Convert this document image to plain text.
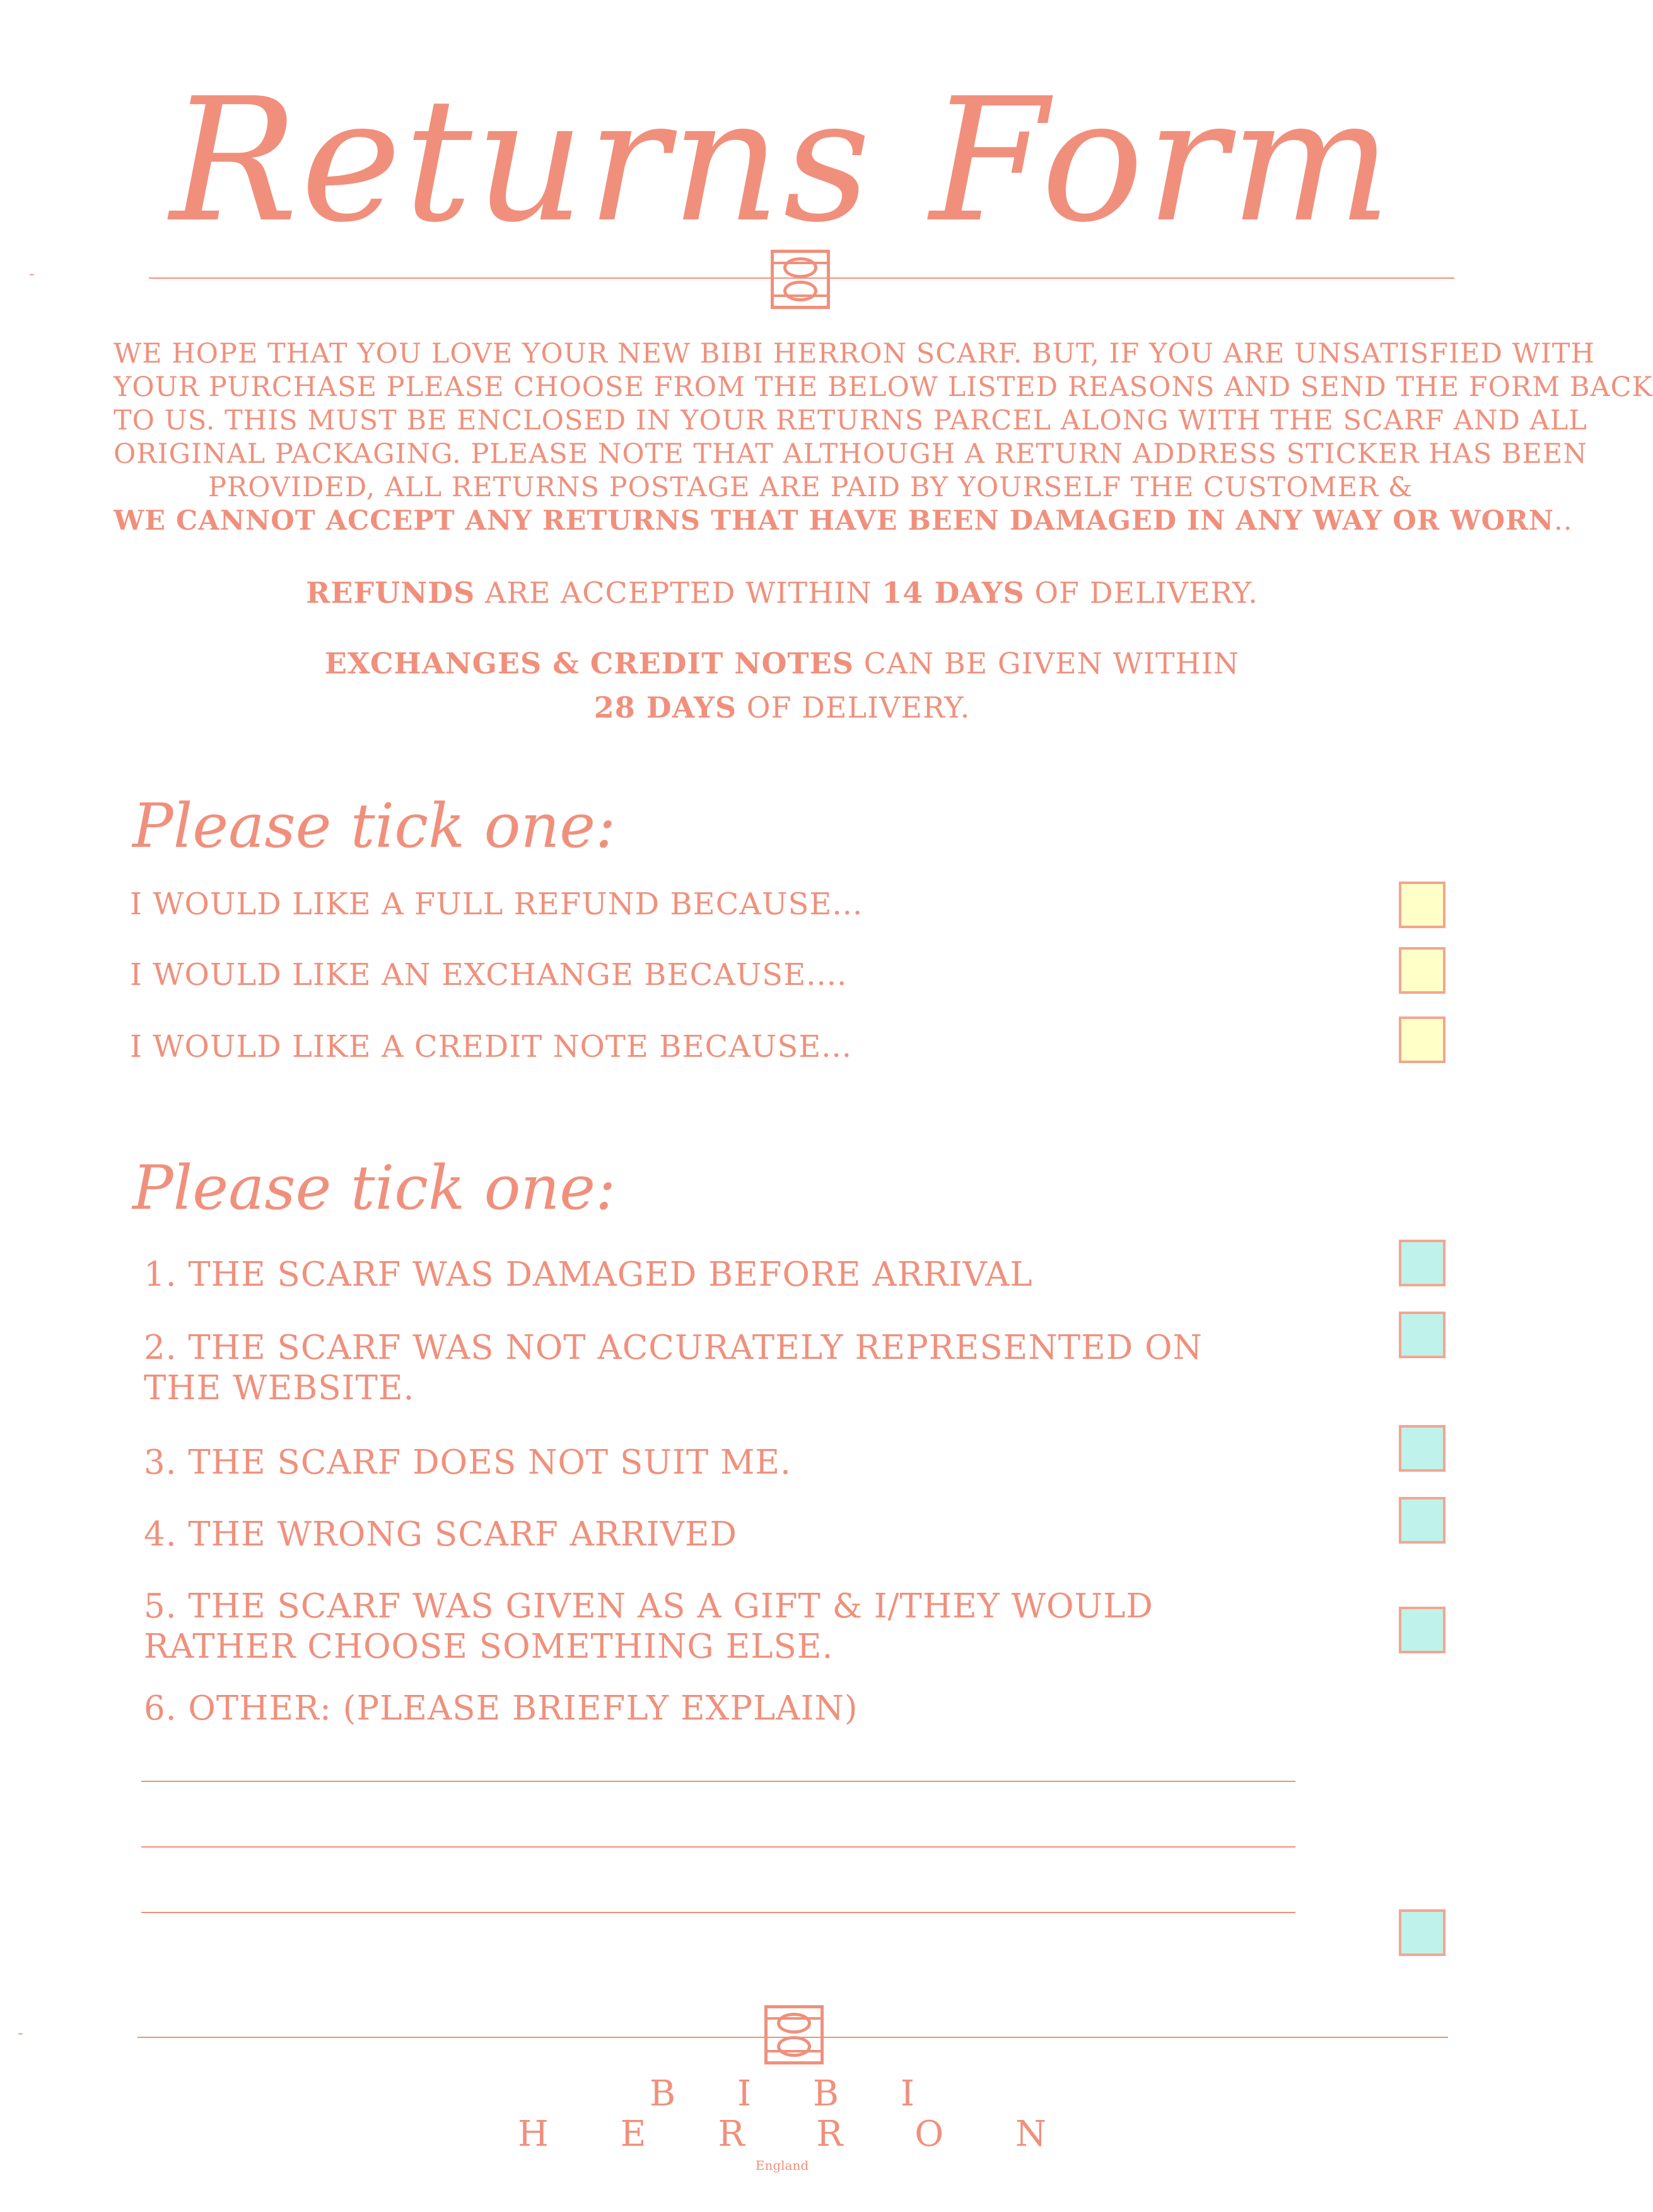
Returns Form
-
WE HOPE THAT YOU LOVE YOUR NEW BIBI HERRON SCARF. BUT, IF YOU ARE UNSATISFIED WITH
YOUR PURCHASE PLEASE CHOOSE FROM THE BELOW LISTED REASONS AND SEND THE FORM BACK
TO US. THIS MUST BE ENCLOSED IN YOUR RETURNS PARCEL ALONG WITH THE SCARF AND ALL
ORIGINAL PACKAGING. PLEASE NOTE THAT ALTHOUGH A RETURN ADDRESS STICKER HAS BEEN
PROVIDED, ALL RETURNS POSTAGE ARE PAID BY YOURSELF THE CUSTOMER &
WE CANNOT ACCEPT ANY RETURNS THAT HAVE BEEN DAMAGED IN ANY WAY OR WORN..
REFUNDS ARE ACCEPTED WITHIN 14 DAYS OF DELIVERY.
EXCHANGES & CREDIT NOTES CAN BE GIVEN WITHIN
28 DAYS OF DELIVERY.
Please tick one:
I WOULD LIKE A FULL REFUND BECAUSE...
I WOULD LIKE AN EXCHANGE BECAUSE....
I WOULD LIKE A CREDIT NOTE BECAUSE...
Please tick one:
1. THE SCARF WAS DAMAGED BEFORE ARRIVAL
2. THE SCARF WAS NOT ACCURATELY REPRESENTED ON
THE WEBSITE.
3. THE SCARF DOES NOT SUIT ME.
4. THE WRONG SCARF ARRIVED
5. THE SCARF WAS GIVEN AS A GIFT & I/THEY WOULD
RATHER CHOOSE SOMETHING ELSE.
6. OTHER: (PLEASE BRIEFLY EXPLAIN)
-
B I B I
H E R R O N
England
